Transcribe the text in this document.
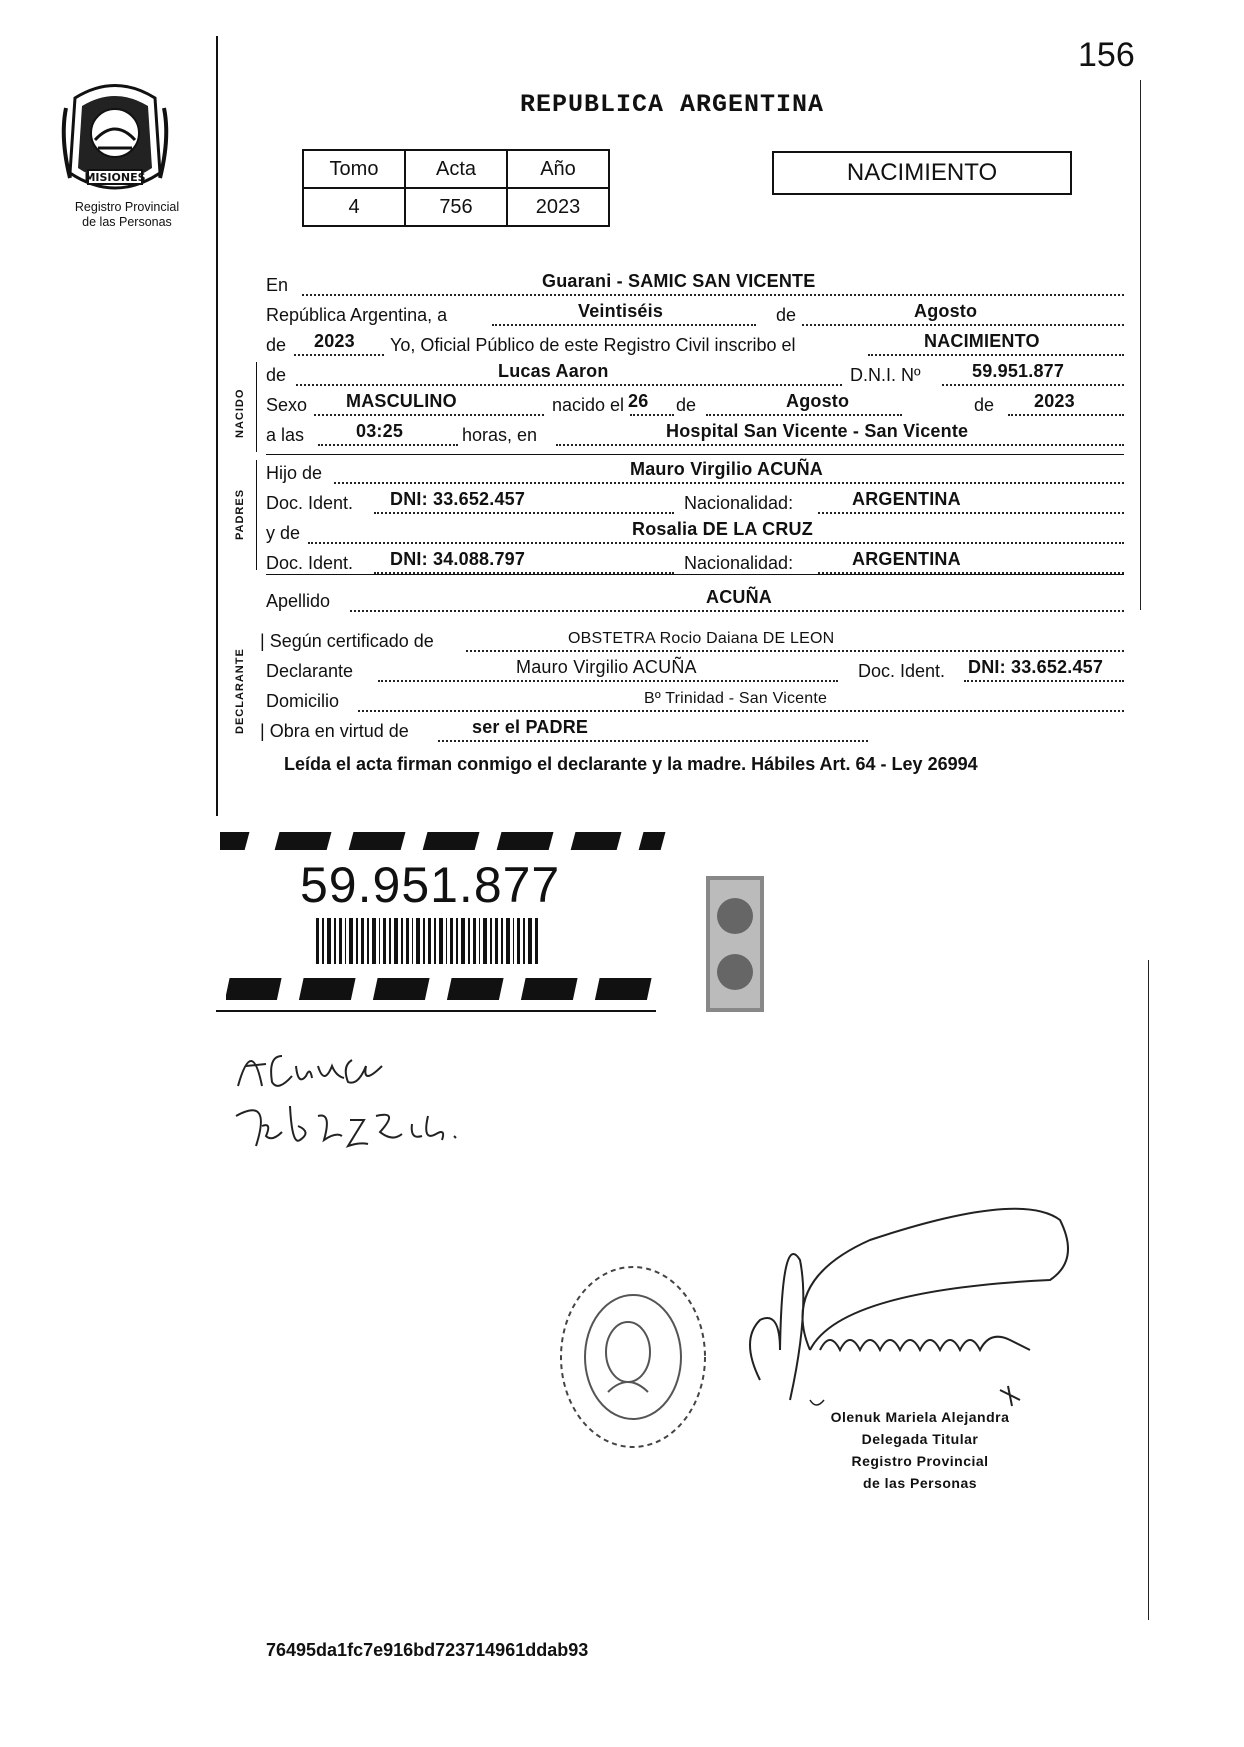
156
MISIONES
Registro Provincial
de las Personas
REPUBLICA ARGENTINA
Tomo	Acta	Año
4	756	2023
NACIMIENTO
En	Guarani - SAMIC SAN VICENTE
República Argentina, a	Veintiséis	de	Agosto
de 2023 Yo, Oficial Público de este Registro Civil inscribo el	NACIMIENTO
NACIDO
de	Lucas Aaron	D.N.I. Nº	59.951.877
Sexo MASCULINO	nacido el 26 de	Agosto	de 2023
a las	03:25	horas, en	Hospital San Vicente - San Vicente
PADRES
Hijo de	Mauro Virgilio ACUÑA
Doc. Ident. DNI: 33.652.457	Nacionalidad:	ARGENTINA
y de	Rosalia DE LA CRUZ
Doc. Ident. DNI: 34.088.797	Nacionalidad:	ARGENTINA
Apellido	ACUÑA
DECLARANTE
| Según certificado de	OBSTETRA Rocio Daiana DE LEON
Declarante	Mauro Virgilio ACUÑA	Doc. Ident. DNI: 33.652.457
Domicilio	Bº Trinidad - San Vicente
| Obra en virtud de	ser el PADRE
Leída el acta firman conmigo el declarante y la madre. Hábiles Art. 64 - Ley 26994
59.951.877
Olenuk Mariela Alejandra
Delegada Titular
Registro Provincial
de las Personas
76495da1fc7e916bd723714961ddab93
